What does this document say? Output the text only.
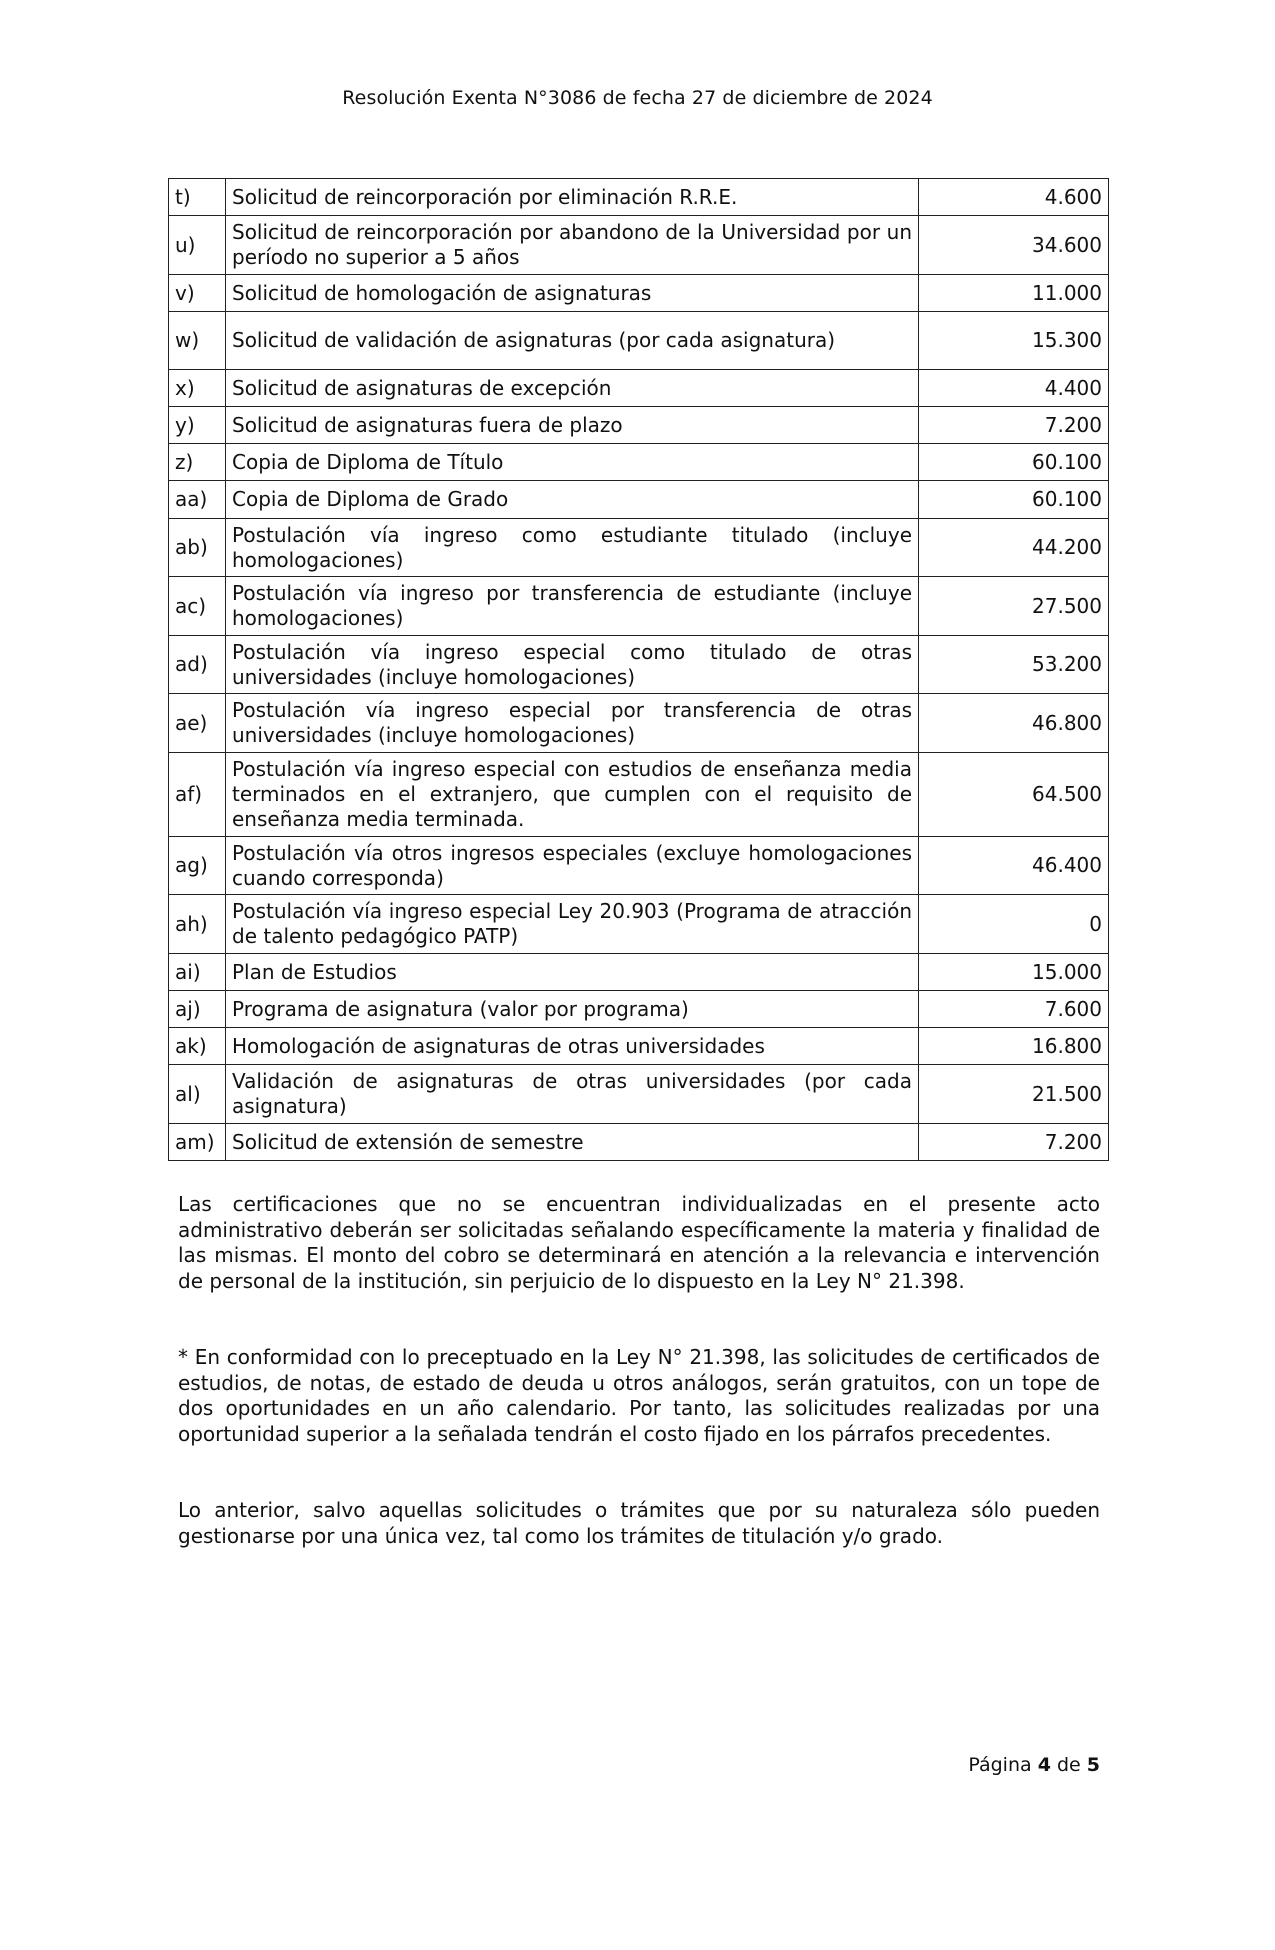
Resolución Exenta N°3086 de fecha 27 de diciembre de 2024
t)	Solicitud de reincorporación por eliminación R.R.E.	4.600
u)	Solicitud de reincorporación por abandono de la Universidad por un período no superior a 5 años	34.600
v)	Solicitud de homologación de asignaturas	11.000
w)	Solicitud de validación de asignaturas (por cada asignatura)	15.300
x)	Solicitud de asignaturas de excepción	4.400
y)	Solicitud de asignaturas fuera de plazo	7.200
z)	Copia de Diploma de Título	60.100
aa)	Copia de Diploma de Grado	60.100
ab)	Postulación vía ingreso como estudiante titulado (incluye homologaciones)	44.200
ac)	Postulación vía ingreso por transferencia de estudiante (incluye homologaciones)	27.500
ad)	Postulación vía ingreso especial como titulado de otras universidades (incluye homologaciones)	53.200
ae)	Postulación vía ingreso especial por transferencia de otras universidades (incluye homologaciones)	46.800
af)	Postulación vía ingreso especial con estudios de enseñanza media terminados en el extranjero, que cumplen con el requisito de enseñanza media terminada.	64.500
ag)	Postulación vía otros ingresos especiales (excluye homologaciones cuando corresponda)	46.400
ah)	Postulación vía ingreso especial Ley 20.903 (Programa de atracción de talento pedagógico PATP)	0
ai)	Plan de Estudios	15.000
aj)	Programa de asignatura (valor por programa)	7.600
ak)	Homologación de asignaturas de otras universidades	16.800
al)	Validación de asignaturas de otras universidades (por cada asignatura)	21.500
am)	Solicitud de extensión de semestre	7.200

Las certificaciones que no se encuentran individualizadas en el presente acto administrativo deberán ser solicitadas señalando específicamente la materia y finalidad de las mismas. El monto del cobro se determinará en atención a la relevancia e intervención de personal de la institución, sin perjuicio de lo dispuesto en la Ley N° 21.398.

* En conformidad con lo preceptuado en la Ley N° 21.398, las solicitudes de certificados de estudios, de notas, de estado de deuda u otros análogos, serán gratuitos, con un tope de dos oportunidades en un año calendario. Por tanto, las solicitudes realizadas por una oportunidad superior a la señalada tendrán el costo fijado en los párrafos precedentes.

Lo anterior, salvo aquellas solicitudes o trámites que por su naturaleza sólo pueden gestionarse por una única vez, tal como los trámites de titulación y/o grado.

Página 4 de 5
